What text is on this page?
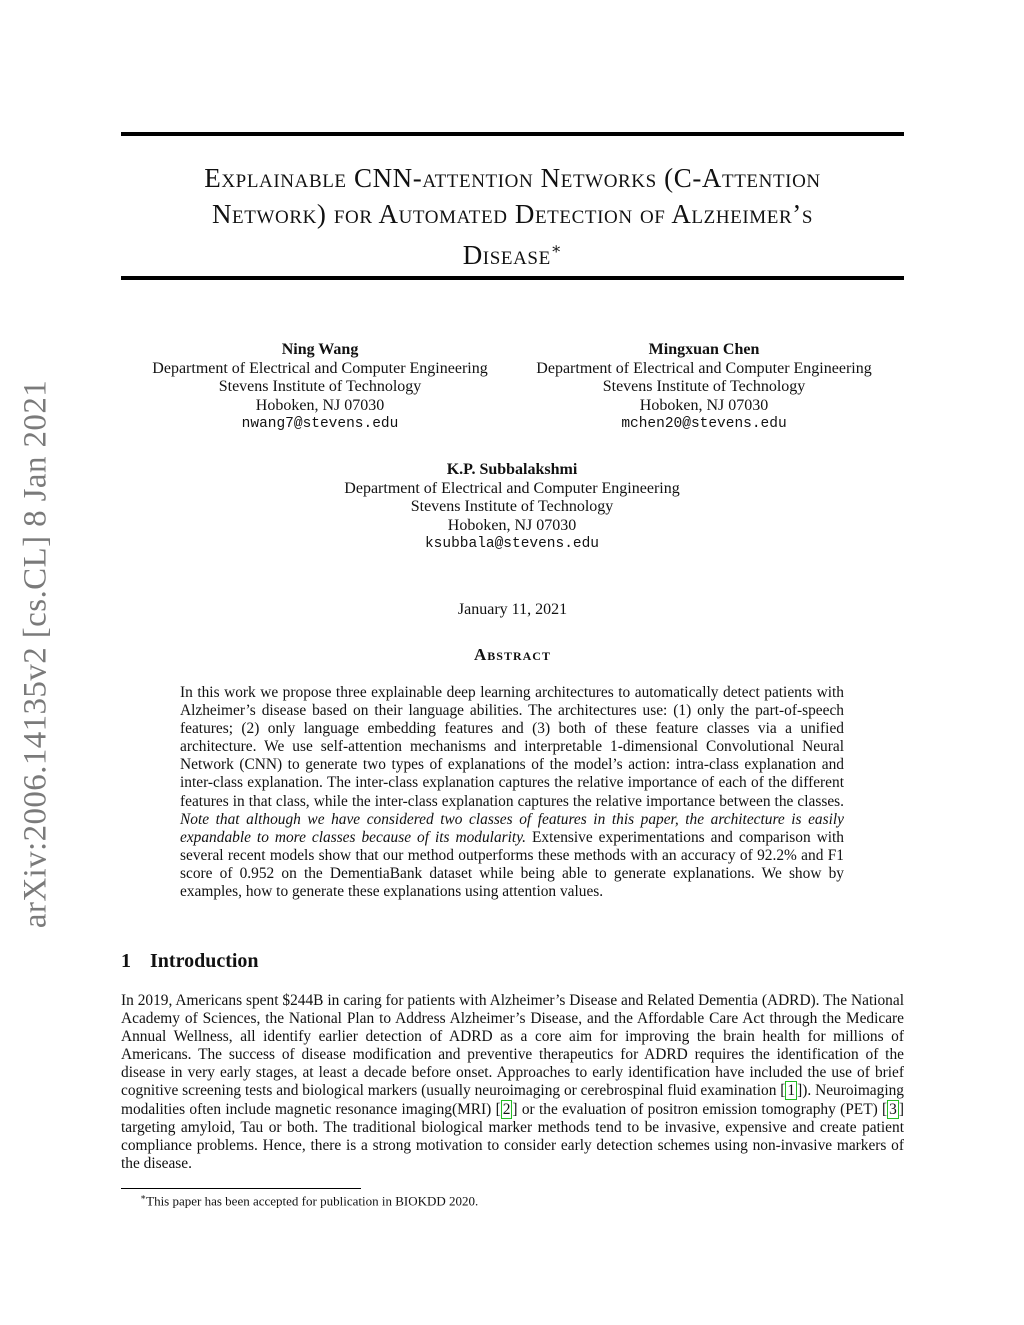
arXiv:2006.14135v2 [cs.CL] 8 Jan 2021
Explainable CNN-attention Networks (C-Attention
Network) for Automated Detection of Alzheimer’s
Disease∗
Ning Wang
Department of Electrical and Computer Engineering
Stevens Institute of Technology
Hoboken, NJ 07030
nwang7@stevens.edu
Mingxuan Chen
Department of Electrical and Computer Engineering
Stevens Institute of Technology
Hoboken, NJ 07030
mchen20@stevens.edu
K.P. Subbalakshmi
Department of Electrical and Computer Engineering
Stevens Institute of Technology
Hoboken, NJ 07030
ksubbala@stevens.edu
January 11, 2021
Abstract

In this work we propose three explainable deep learning architectures to automatically detect patients with Alzheimer’s disease based on their language abilities. The architectures use: (1) only the part-of-speech features; (2) only language embedding features and (3) both of these feature classes via a unified architecture. We use self-attention mechanisms and interpretable 1-dimensional Convolutional Neural Network (CNN) to generate two types of explanations of the model’s action: intra-class explanation and inter-class explanation. The inter-class explanation captures the relative importance of each of the different features in that class, while the inter-class explanation captures the relative importance between the classes. Note that although we have considered two classes of features in this paper, the architecture is easily expandable to more classes because of its modularity. Extensive experimentations and comparison with several recent models show that our method outperforms these methods with an accuracy of 92.2% and F1 score of 0.952 on the DementiaBank dataset while being able to generate explanations. We show by examples, how to generate these explanations using attention values.

1 Introduction

In 2019, Americans spent $244B in caring for patients with Alzheimer’s Disease and Related Dementia (ADRD). The National Academy of Sciences, the National Plan to Address Alzheimer’s Disease, and the Affordable Care Act through the Medicare Annual Wellness, all identify earlier detection of ADRD as a core aim for improving the brain health for millions of Americans. The success of disease modification and preventive therapeutics for ADRD requires the identification of the disease in very early stages, at least a decade before onset. Approaches to early identification have included the use of brief cognitive screening tests and biological markers (usually neuroimaging or cerebrospinal fluid examination [ 1 ]). Neuroimaging modalities often include magnetic resonance imaging(MRI) [ 2 ] or the evaluation of positron emission tomography (PET) [ 3 ] targeting amyloid, Tau or both. The traditional biological marker methods tend to be invasive, expensive and create patient compliance problems. Hence, there is a strong motivation to consider early detection schemes using non-invasive markers of the disease.

∗This paper has been accepted for publication in BIOKDD 2020.
